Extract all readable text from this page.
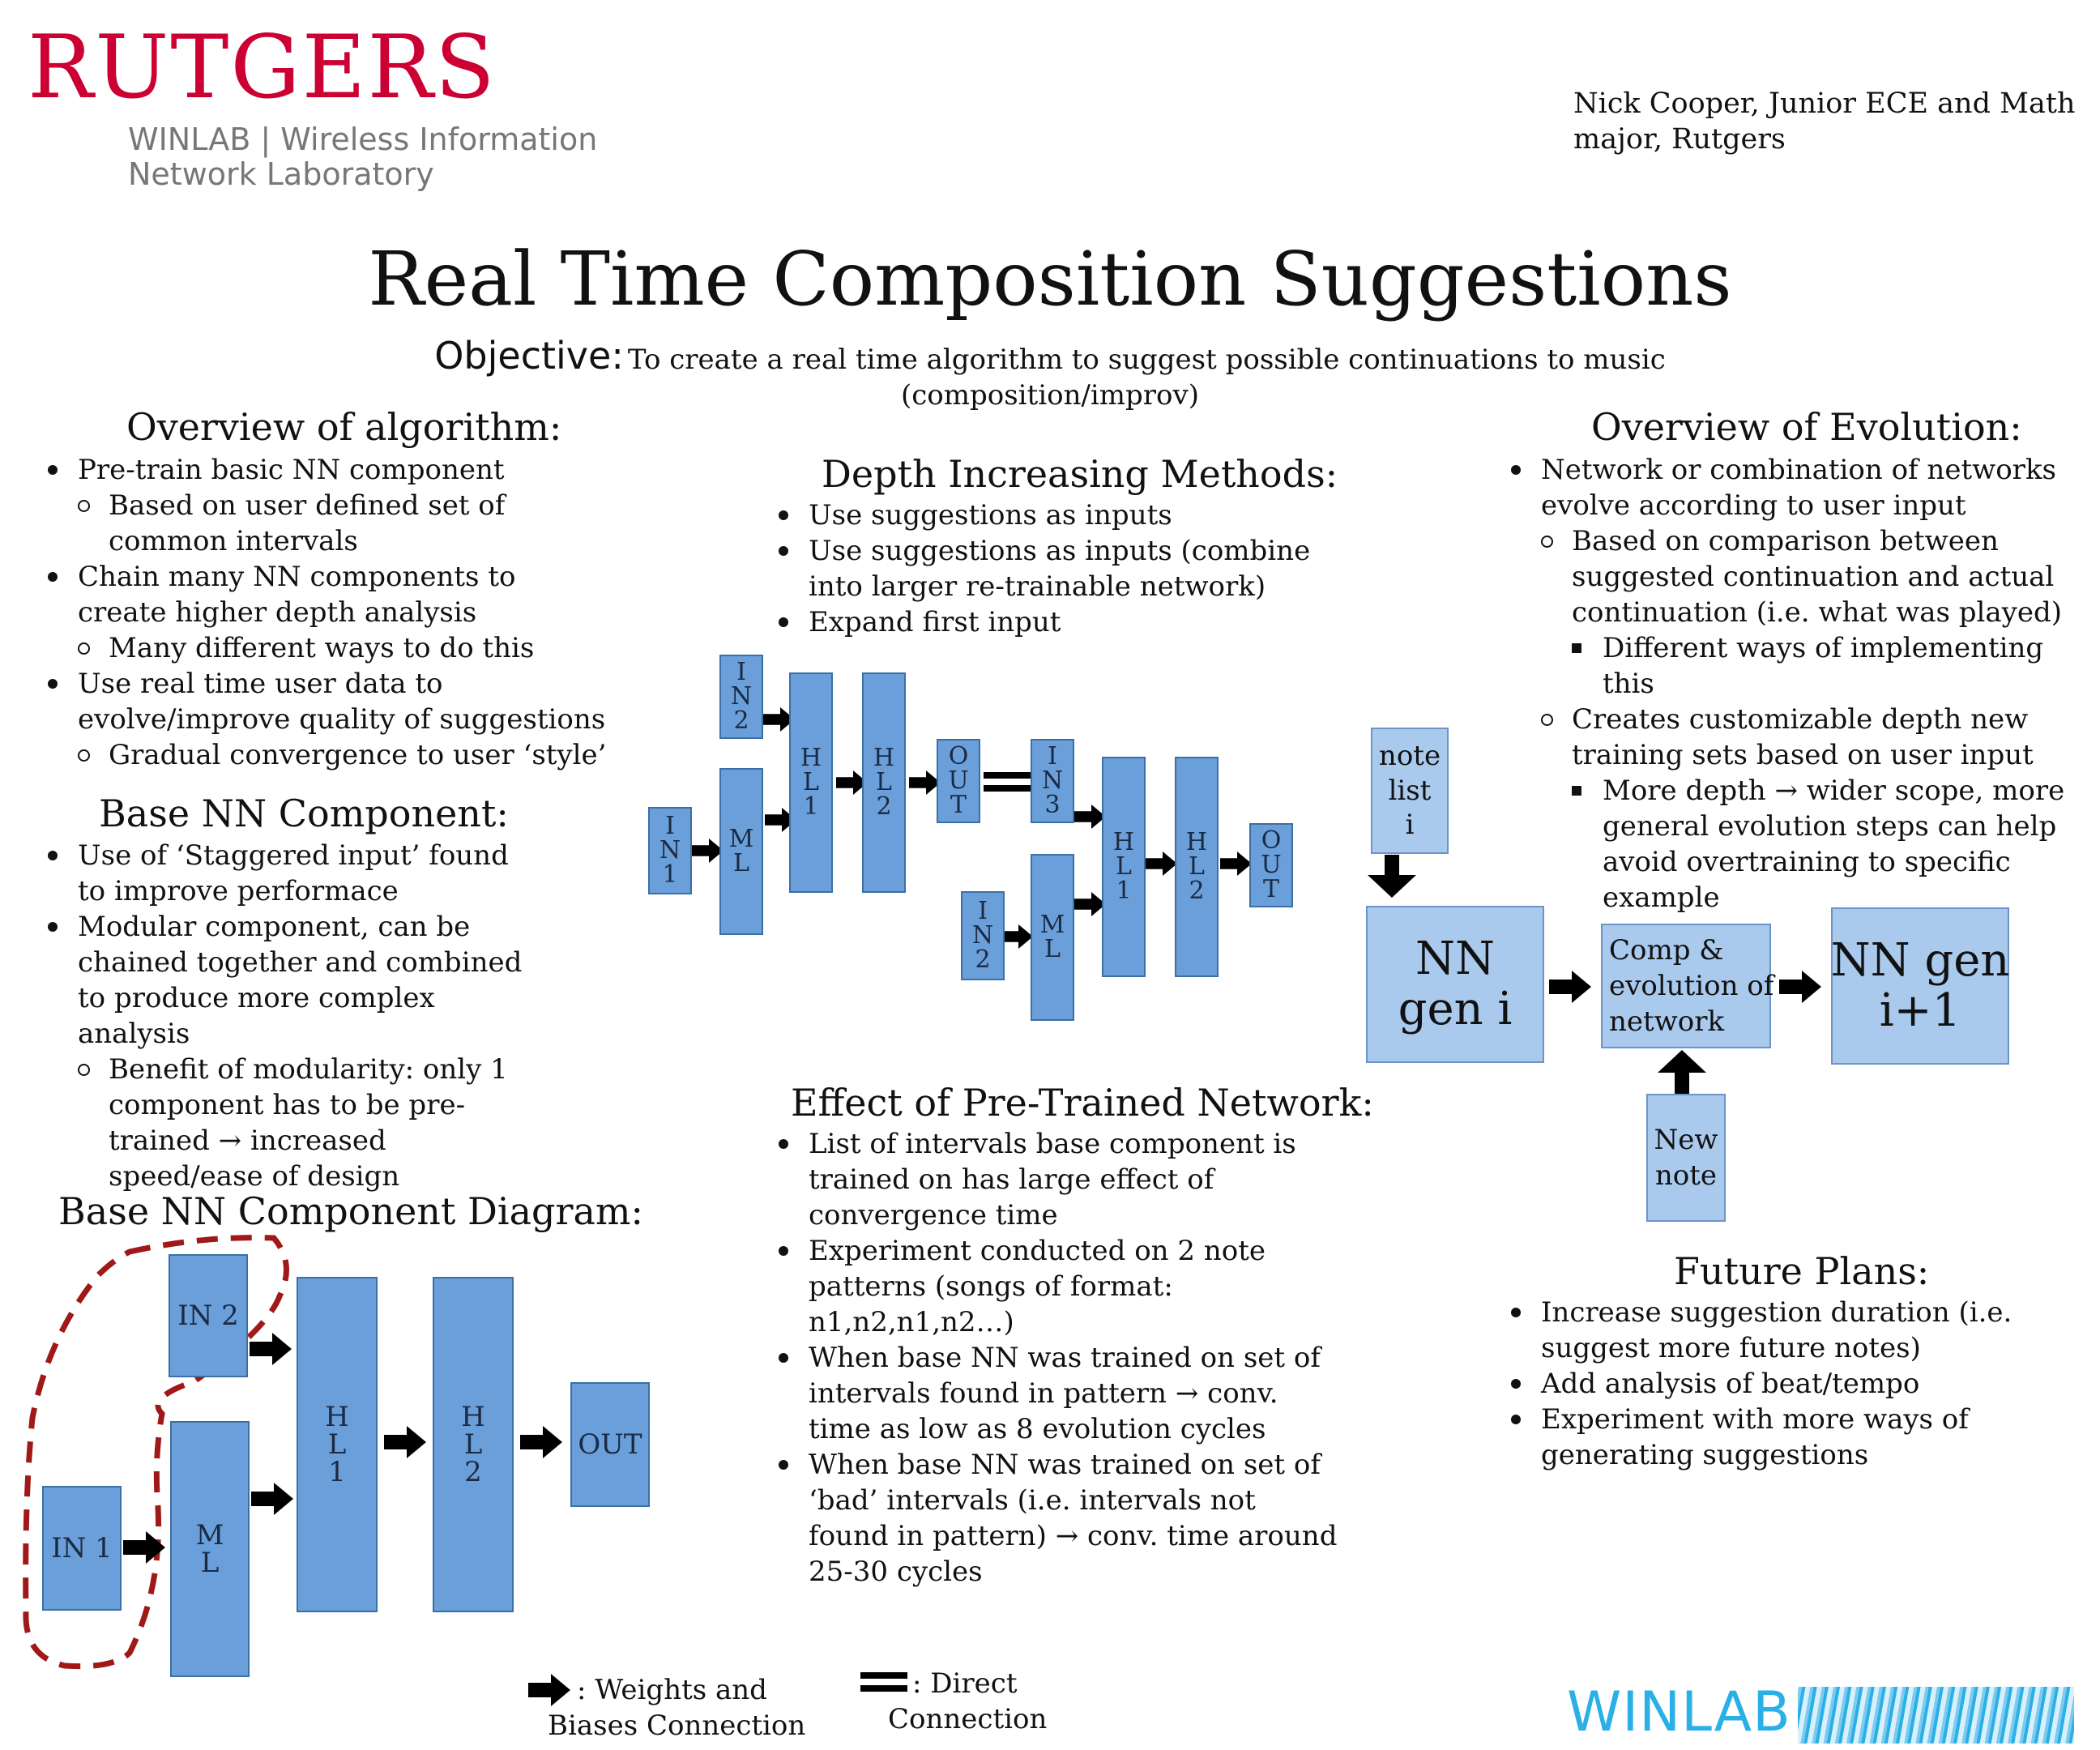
RUTGERS
WINLAB | Wireless Information
Network Laboratory
Nick Cooper, Junior ECE and Math
major, Rutgers
Real Time Composition Suggestions
Objective: To create a real time algorithm to suggest possible continuations to music
(composition/improv)
Overview of algorithm:
Pre-train basic NN component
Based on user defined set of common intervals
Chain many NN components to create higher depth analysis
Many different ways to do this
Use real time user data to evolve/improve quality of suggestions
Gradual convergence to user ‘style’
Base NN Component:
Use of ‘Staggered input’ found to improve performace
Modular component, can be chained together and combined to produce more complex analysis
Benefit of modularity: only 1 component has to be pre-trained → increased speed/ease of design
Base NN Component Diagram:
IN 2
IN 1	M
L
H
L
1
H
L
2
OUT
Depth Increasing Methods:
Use suggestions as inputs
Use suggestions as inputs (combine into larger re-trainable network)
Expand first input
I
N
2
I
N
1
M
L
H
L
1
H
L
2
O
U
T
I
N
3
I
N
2
M
L
H
L
1
H
L
2
O
U
T
Effect of Pre-Trained Network:
List of intervals base component is trained on has large effect of convergence time
Experiment conducted on 2 note patterns (songs of format: n1,n2,n1,n2…)
When base NN was trained on set of intervals found in pattern → conv. time as low as 8 evolution cycles
When base NN was trained on set of ‘bad’ intervals (i.e. intervals not found in pattern) → conv. time around 25-30 cycles
Overview of Evolution:
Network or combination of networks evolve according to user input
Based on comparison between suggested continuation and actual continuation (i.e. what was played)
Different ways of implementing this
Creates customizable depth new training sets based on user input
More depth → wider scope, more general evolution steps can help avoid overtraining to specific example
note
list
i
NN
gen i
Comp &
evolution of
network
NN gen
i+1
New
note
Future Plans:
Increase suggestion duration (i.e. suggest more future notes)
Add analysis of beat/tempo
Experiment with more ways of generating suggestions
: Weights and
Biases Connection
: Direct
Connection	WINLAB
